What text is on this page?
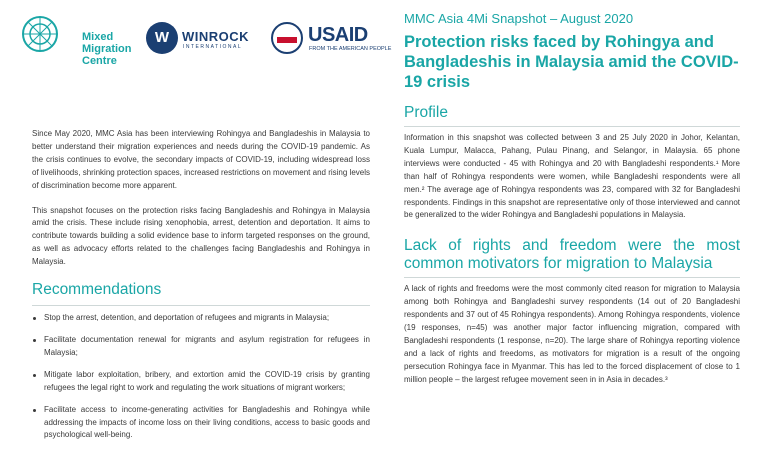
Mixed
Migration
Centre
W WINROCK
INTERNATIONAL
USAID
FROM THE AMERICAN PEOPLE
MMC Asia 4Mi Snapshot – August 2020
Protection risks faced by Rohingya and Bangladeshis in Malaysia amid the COVID-19 crisis

Since May 2020, MMC Asia has been interviewing Rohingya and Bangladeshis in Malaysia to better understand their migration experiences and needs during the COVID-19 pandemic. As the crisis continues to evolve, the secondary impacts of COVID-19, including widespread loss of livelihoods, shrinking protection spaces, increased restrictions on movement and rising levels of discrimination become more apparent.

This snapshot focuses on the protection risks facing Bangladeshis and Rohingya in Malaysia amid the crisis. These include rising xenophobia, arrest, detention and deportation. It aims to contribute towards building a solid evidence base to inform targeted responses on the ground, as well as advocacy efforts related to the challenges facing Bangladeshis and Rohingya in Malaysia.

Recommendations
Stop the arrest, detention, and deportation of refugees and migrants in Malaysia;
Facilitate documentation renewal for migrants and asylum registration for refugees in Malaysia;
Mitigate labor exploitation, bribery, and extortion amid the COVID-19 crisis by granting refugees the legal right to work and regulating the work situations of migrant workers;
Facilitate access to income-generating activities for Bangladeshis and Rohingya while addressing the impacts of income loss on their living conditions, access to basic goods and psychological well-being.
Profile

Information in this snapshot was collected between 3 and 25 July 2020 in Johor, Kelantan, Kuala Lumpur, Malacca, Pahang, Pulau Pinang, and Selangor, in Malaysia. 65 phone interviews were conducted - 45 with Rohingya and 20 with Bangladeshi respondents.¹ More than half of Rohingya respondents were women, while Bangladeshi respondents were all men.² The average age of Rohingya respondents was 23, compared with 32 for Bangladeshi respondents. Findings in this snapshot are representative only of those interviewed and cannot be generalized to the wider Rohingya and Bangladeshi populations in Malaysia.

Lack of rights and freedom were the most common motivators for migration to Malaysia

A lack of rights and freedoms were the most commonly cited reason for migration to Malaysia among both Rohingya and Bangladeshi survey respondents (14 out of 20 Bangladeshi respondents and 37 out of 45 Rohingya respondents). Among Rohingya respondents, violence (19 responses, n=45) was another major factor influencing migration, compared with Bangladeshi respondents (1 response, n=20). The large share of Rohingya reporting violence and a lack of rights and freedoms, as motivators for migration is a result of the ongoing persecution Rohingya face in Myanmar. This has led to the forced displacement of close to 1 million people – the largest refugee movement seen in in Asia in decades.³
